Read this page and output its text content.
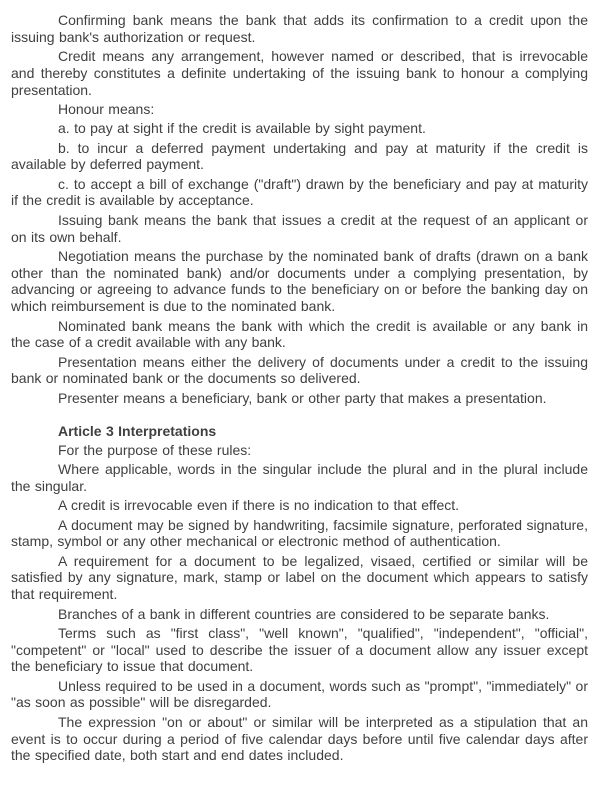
Confirming bank means the bank that adds its confirmation to a credit upon the issuing bank's authorization or request.

Credit means any arrangement, however named or described, that is irrevocable and thereby constitutes a definite undertaking of the issuing bank to honour a complying presentation.

Honour means:

a. to pay at sight if the credit is available by sight payment.

b. to incur a deferred payment undertaking and pay at maturity if the credit is available by deferred payment.

c. to accept a bill of exchange ("draft") drawn by the beneficiary and pay at maturity if the credit is available by acceptance.

Issuing bank means the bank that issues a credit at the request of an applicant or on its own behalf.

Negotiation means the purchase by the nominated bank of drafts (drawn on a bank other than the nominated bank) and/or documents under a complying presentation, by advancing or agreeing to advance funds to the beneficiary on or before the banking day on which reimbursement is due to the nominated bank.

Nominated bank means the bank with which the credit is available or any bank in the case of a credit available with any bank.

Presentation means either the delivery of documents under a credit to the issuing bank or nominated bank or the documents so delivered.

Presenter means a beneficiary, bank or other party that makes a presentation.

Article 3 Interpretations

For the purpose of these rules:

Where applicable, words in the singular include the plural and in the plural include the singular.

A credit is irrevocable even if there is no indication to that effect.

A document may be signed by handwriting, facsimile signature, perforated signature, stamp, symbol or any other mechanical or electronic method of authentication.

A requirement for a document to be legalized, visaed, certified or similar will be satisfied by any signature, mark, stamp or label on the document which appears to satisfy that requirement.

Branches of a bank in different countries are considered to be separate banks.

Terms such as "first class", "well known", "qualified", "independent", "official", "competent" or "local" used to describe the issuer of a document allow any issuer except the beneficiary to issue that document.

Unless required to be used in a document, words such as "prompt", "immediately" or "as soon as possible" will be disregarded.

The expression "on or about" or similar will be interpreted as a stipulation that an event is to occur during a period of five calendar days before until five calendar days after the specified date, both start and end dates included.
